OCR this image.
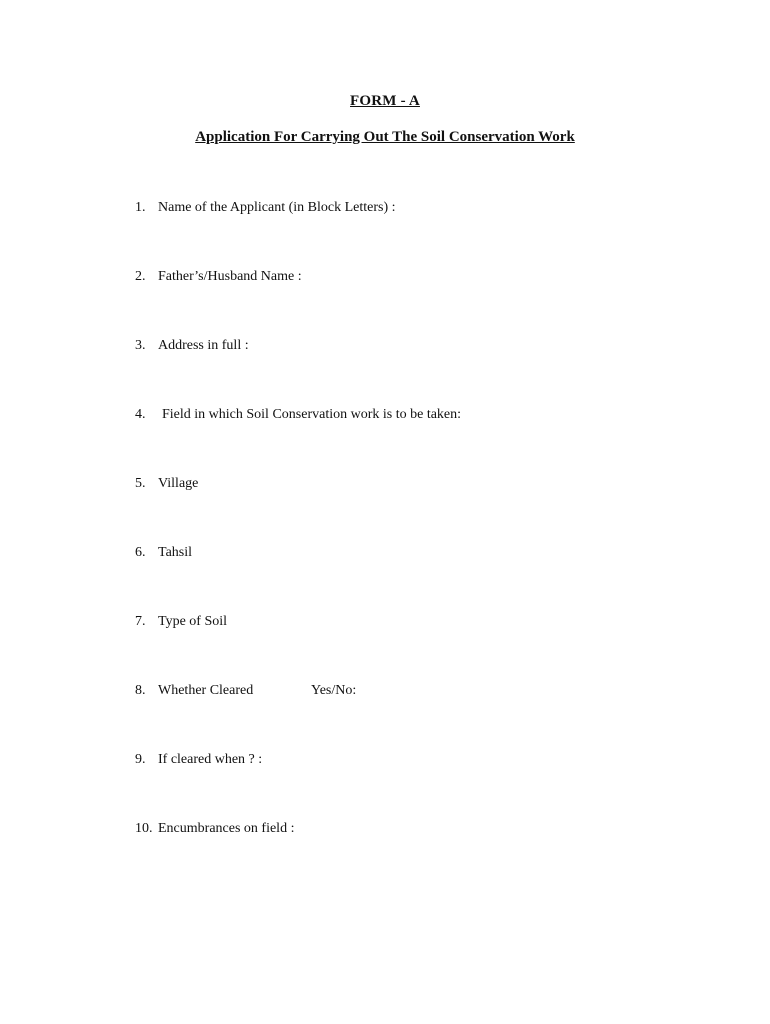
FORM - A
Application For Carrying Out The Soil Conservation Work
1. Name of the Applicant (in Block Letters) :
2. Father’s/Husband Name :
3. Address in full :
4. Field in which Soil Conservation work is to be taken:
5. Village
6. Tahsil
7. Type of Soil
8. Whether Cleared	Yes/No:
9. If cleared when ? :
10. Encumbrances on field :
